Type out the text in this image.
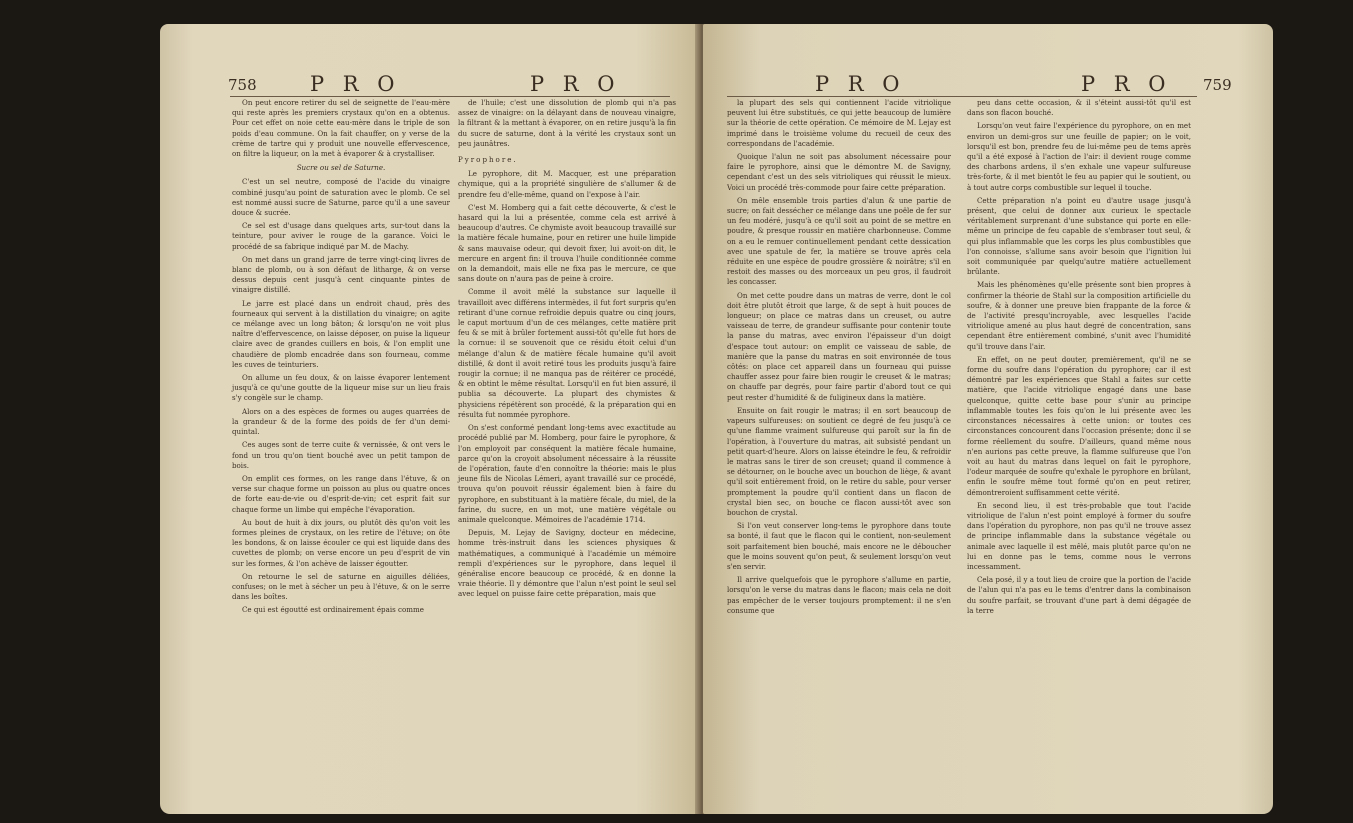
758	P R O	P R O

On peut encore retirer du sel de seignette de l'eau-mère qui reste après les premiers crystaux qu'on en a obtenus. Pour cet effet on noie cette eau-mère dans le triple de son poids d'eau commune. On la fait chauffer, on y verse de la crème de tartre qui y produit une nouvelle effervescence, on filtre la liqueur, on la met à évaporer & à crystalliser.

Sucre ou sel de Saturne.

C'est un sel neutre, composé de l'acide du vinaigre combiné jusqu'au point de saturation avec le plomb. Ce sel est nommé aussi sucre de Saturne, parce qu'il a une saveur douce & sucrée.

Ce sel est d'usage dans quelques arts, sur-tout dans la teinture, pour aviver le rouge de la garance. Voici le procédé de sa fabrique indiqué par M. de Machy.

On met dans un grand jarre de terre vingt-cinq livres de blanc de plomb, ou à son défaut de litharge, & on verse dessus depuis cent jusqu'à cent cinquante pintes de vinaigre distillé.

Le jarre est placé dans un endroit chaud, près des fourneaux qui servent à la distillation du vinaigre; on agite ce mélange avec un long bâton; & lorsqu'on ne voit plus naître d'effervescence, on laisse déposer, on puise la liqueur claire avec de grandes cuillers en bois, & l'on emplit une chaudière de plomb encadrée dans son fourneau, comme les cuves de teinturiers.

On allume un feu doux, & on laisse évaporer lentement jusqu'à ce qu'une goutte de la liqueur mise sur un lieu frais s'y congèle sur le champ.

Alors on a des espèces de formes ou auges quarrées de la grandeur & de la forme des poids de fer d'un demi-quintal.

Ces auges sont de terre cuite & vernissée, & ont vers le fond un trou qu'on tient bouché avec un petit tampon de bois.

On emplit ces formes, on les range dans l'étuve, & on verse sur chaque forme un poisson au plus ou quatre onces de forte eau-de-vie ou d'esprit-de-vin; cet esprit fait sur chaque forme un limbe qui empêche l'évaporation.

Au bout de huit à dix jours, ou plutôt dès qu'on voit les formes pleines de crystaux, on les retire de l'étuve; on ôte les bondons, & on laisse écouler ce qui est liquide dans des cuvettes de plomb; on verse encore un peu d'esprit de vin sur les formes, & l'on achève de laisser égoutter.

On retourne le sel de saturne en aiguilles déliées, confuses; on le met à sécher un peu à l'étuve, & on le serre dans les boîtes.

Ce qui est égoutté est ordinairement épais comme

de l'huile; c'est une dissolution de plomb qui n'a pas assez de vinaigre: on la délayant dans de nouveau vinaigre, la filtrant & la mettant à évaporer, on en retire jusqu'à la fin du sucre de saturne, dont à la vérité les crystaux sont un peu jaunâtres.

Pyrophore.

Le pyrophore, dit M. Macquer, est une préparation chymique, qui a la propriété singulière de s'allumer & de prendre feu d'elle-même, quand on l'expose à l'air.

C'est M. Homberg qui a fait cette découverte, & c'est le hasard qui la lui a présentée, comme cela est arrivé à beaucoup d'autres. Ce chymiste avoit beaucoup travaillé sur la matière fécale humaine, pour en retirer une huile limpide & sans mauvaise odeur, qui devoit fixer, lui avoit-on dit, le mercure en argent fin: il trouva l'huile conditionnée comme on la demandoit, mais elle ne fixa pas le mercure, ce que sans doute on n'aura pas de peine à croire.

Comme il avoit mêlé la substance sur laquelle il travailloit avec différens intermèdes, il fut fort surpris qu'en retirant d'une cornue refroidie depuis quatre ou cinq jours, le caput mortuum d'un de ces mélanges, cette matière prit feu & se mit à brûler fortement aussi-tôt qu'elle fut hors de la cornue: il se souvenoit que ce résidu étoit celui d'un mélange d'alun & de matière fécale humaine qu'il avoit distillé, & dont il avoit retiré tous les produits jusqu'à faire rougir la cornue; il ne manqua pas de réitérer ce procédé, & en obtint le même résultat. Lorsqu'il en fut bien assuré, il publia sa découverte. La plupart des chymistes & physiciens répétèrent son procédé, & la préparation qui en résulta fut nommée pyrophore.

On s'est conformé pendant long-tems avec exactitude au procédé publié par M. Homberg, pour faire le pyrophore, & l'on employoit par conséquent la matière fécale humaine, parce qu'on la croyoit absolument nécessaire à la réussite de l'opération, faute d'en connoître la théorie: mais le plus jeune fils de Nicolas Lémeri, ayant travaillé sur ce procédé, trouva qu'on pouvoit réussir également bien à faire du pyrophore, en substituant à la matière fécale, du miel, de la farine, du sucre, en un mot, une matière végétale ou animale quelconque. Mémoires de l'académie 1714.

Depuis, M. Lejay de Savigny, docteur en médecine, homme très-instruit dans les sciences physiques & mathématiques, a communiqué à l'académie un mémoire rempli d'expériences sur le pyrophore, dans lequel il généralise encore beaucoup ce procédé, & en donne la vraie théorie. Il y démontre que l'alun n'est point le seul sel avec lequel on puisse faire cette préparation, mais que

P R O	P R O 759

la plupart des sels qui contiennent l'acide vitriolique peuvent lui être substitués, ce qui jette beaucoup de lumière sur la théorie de cette opération. Ce mémoire de M. Lejay est imprimé dans le troisième volume du recueil de ceux des correspondans de l'académie.

Quoique l'alun ne soit pas absolument nécessaire pour faire le pyrophore, ainsi que le démontre M. de Savigny, cependant c'est un des sels vitrioliques qui réussit le mieux. Voici un procédé très-commode pour faire cette préparation.

On mêle ensemble trois parties d'alun & une partie de sucre; on fait dessécher ce mélange dans une poële de fer sur un feu modéré, jusqu'à ce qu'il soit au point de se mettre en poudre, & presque roussir en matière charbonneuse. Comme on a eu le remuer continuellement pendant cette dessication avec une spatule de fer, la matière se trouve après cela réduite en une espèce de poudre grossière & noirâtre; s'il en restoit des masses ou des morceaux un peu gros, il faudroit les concasser.

On met cette poudre dans un matras de verre, dont le col doit être plutôt étroit que large, & de sept à huit pouces de longueur; on place ce matras dans un creuset, ou autre vaisseau de terre, de grandeur suffisante pour contenir toute la panse du matras, avec environ l'épaisseur d'un doigt d'espace tout autour: on emplit ce vaisseau de sable, de manière que la panse du matras en soit environnée de tous côtés: on place cet appareil dans un fourneau qui puisse chauffer assez pour faire bien rougir le creuset & le matras; on chauffe par degrés, pour faire partir d'abord tout ce qui peut rester d'humidité & de fuligineux dans la matière.

Ensuite on fait rougir le matras; il en sort beaucoup de vapeurs sulfureuses: on soutient ce degré de feu jusqu'à ce qu'une flamme vraiment sulfureuse qui paroît sur la fin de l'opération, à l'ouverture du matras, ait subsisté pendant un petit quart-d'heure. Alors on laisse éteindre le feu, & refroidir le matras sans le tirer de son creuset; quand il commence à se détourner, on le bouche avec un bouchon de liège, & avant qu'il soit entièrement froid, on le retire du sable, pour verser promptement la poudre qu'il contient dans un flacon de crystal bien sec, on bouche ce flacon aussi-tôt avec son bouchon de crystal.

Si l'on veut conserver long-tems le pyrophore dans toute sa bonté, il faut que le flacon qui le contient, non-seulement soit parfaitement bien bouché, mais encore ne le déboucher que le moins souvent qu'on peut, & seulement lorsqu'on veut s'en servir.

Il arrive quelquefois que le pyrophore s'allume en partie, lorsqu'on le verse du matras dans le flacon; mais cela ne doit pas empêcher de le verser toujours promptement: il ne s'en consume que

peu dans cette occasion, & il s'éteint aussi-tôt qu'il est dans son flacon bouché.

Lorsqu'on veut faire l'expérience du pyrophore, on en met environ un demi-gros sur une feuille de papier; on le voit, lorsqu'il est bon, prendre feu de lui-même peu de tems après qu'il a été exposé à l'action de l'air: il devient rouge comme des charbons ardens, il s'en exhale une vapeur sulfureuse très-forte, & il met bientôt le feu au papier qui le soutient, ou à tout autre corps combustible sur lequel il touche.

Cette préparation n'a point eu d'autre usage jusqu'à présent, que celui de donner aux curieux le spectacle véritablement surprenant d'une substance qui porte en elle-même un principe de feu capable de s'embraser tout seul, & qui plus inflammable que les corps les plus combustibles que l'on connoisse, s'allume sans avoir besoin que l'ignition lui soit communiquée par quelqu'autre matière actuellement brûlante.

Mais les phénomènes qu'elle présente sont bien propres à confirmer la théorie de Stahl sur la composition artificielle du soufre, & à donner une preuve bien frappante de la force & de l'activité presqu'incroyable, avec lesquelles l'acide vitriolique amené au plus haut degré de concentration, sans cependant être entièrement combiné, s'unit avec l'humidité qu'il trouve dans l'air.

En effet, on ne peut douter, premièrement, qu'il ne se forme du soufre dans l'opération du pyrophore; car il est démontré par les expériences que Stahl a faites sur cette matière, que l'acide vitriolique engagé dans une base quelconque, quitte cette base pour s'unir au principe inflammable toutes les fois qu'on le lui présente avec les circonstances nécessaires à cette union: or toutes ces circonstances concourent dans l'occasion présente; donc il se forme réellement du soufre. D'ailleurs, quand même nous n'en aurions pas cette preuve, la flamme sulfureuse que l'on voit au haut du matras dans lequel on fait le pyrophore, l'odeur marquée de soufre qu'exhale le pyrophore en brûlant, enfin le soufre même tout formé qu'on en peut retirer, démontreroient suffisamment cette vérité.

En second lieu, il est très-probable que tout l'acide vitriolique de l'alun n'est point employé à former du soufre dans l'opération du pyrophore, non pas qu'il ne trouve assez de principe inflammable dans la substance végétale ou animale avec laquelle il est mêlé, mais plutôt parce qu'on ne lui en donne pas le tems, comme nous le verrons incessamment.

Cela posé, il y a tout lieu de croire que la portion de l'acide de l'alun qui n'a pas eu le tems d'entrer dans la combinaison du soufre parfait, se trouvant d'une part à demi dégagée de la terre
